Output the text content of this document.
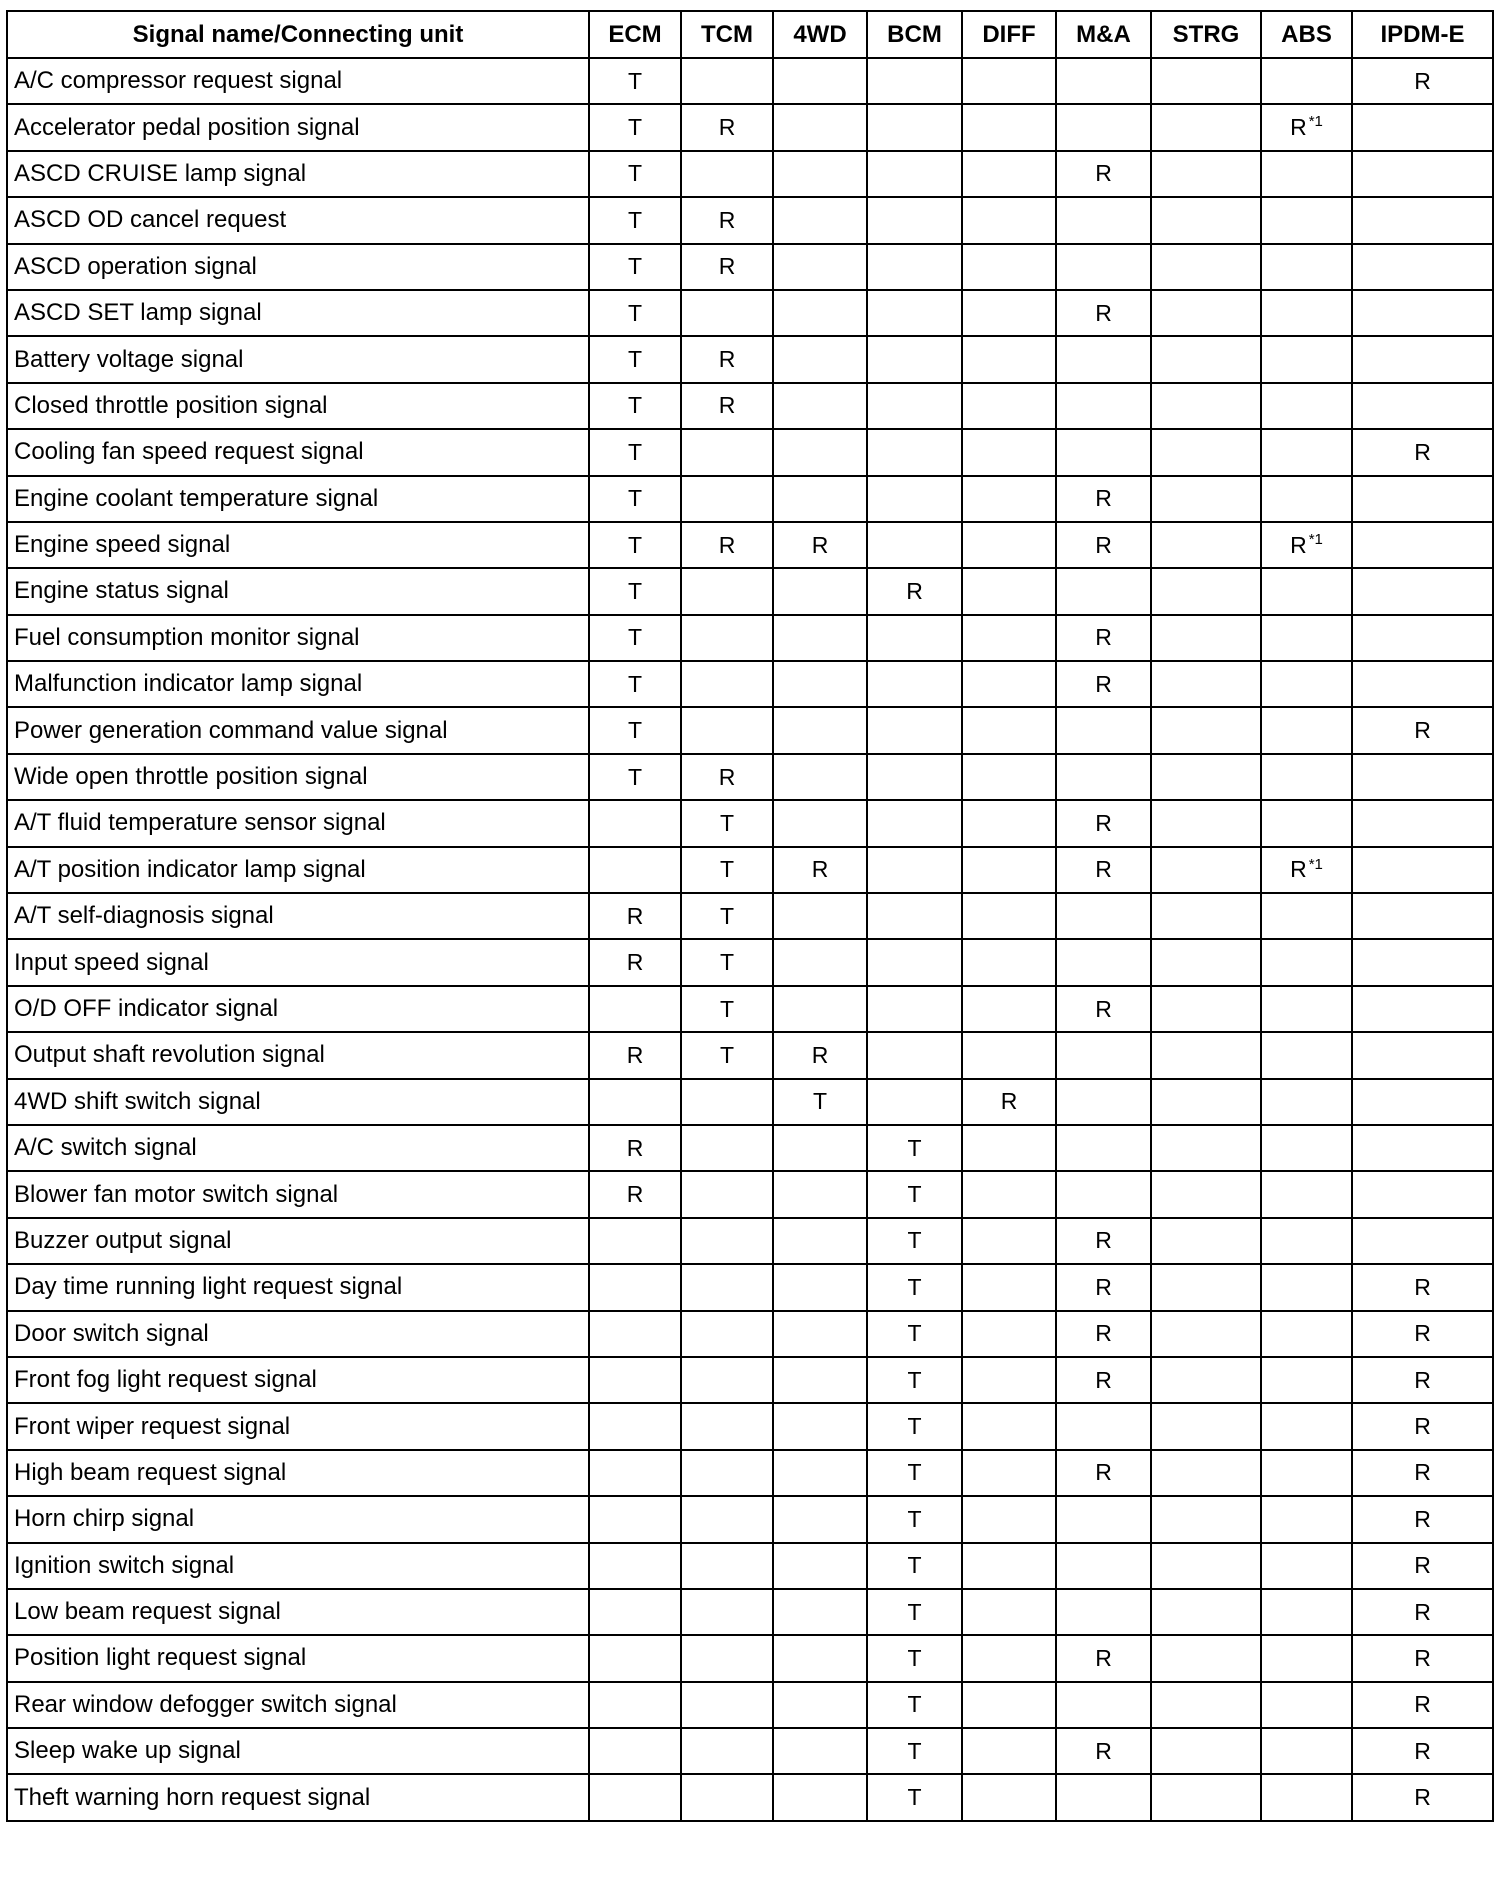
Signal name/Connecting unit	ECM	TCM	4WD	BCM	DIFF	M&A	STRG	ABS	IPDM-E
A/C compressor request signal	T								R
Accelerator pedal position signal	T	R						R $^{*1}$	
ASCD CRUISE lamp signal	T					R			
ASCD OD cancel request	T	R							
ASCD operation signal	T	R							
ASCD SET lamp signal	T					R			
Battery voltage signal	T	R							
Closed throttle position signal	T	R							
Cooling fan speed request signal	T								R
Engine coolant temperature signal	T					R			
Engine speed signal	T	R	R			R		R $^{*1}$	
Engine status signal	T			R					
Fuel consumption monitor signal	T					R			
Malfunction indicator lamp signal	T					R			
Power generation command value signal	T								R
Wide open throttle position signal	T	R							
A/T fluid temperature sensor signal		T				R			
A/T position indicator lamp signal		T	R			R		R $^{*1}$	
A/T self-diagnosis signal	R	T							
Input speed signal	R	T							
O/D OFF indicator signal		T				R			
Output shaft revolution signal	R	T	R						
4WD shift switch signal			T		R				
A/C switch signal	R			T					
Blower fan motor switch signal	R			T					
Buzzer output signal				T		R			
Day time running light request signal				T		R			R
Door switch signal				T		R			R
Front fog light request signal				T		R			R
Front wiper request signal				T					R
High beam request signal				T		R			R
Horn chirp signal				T					R
Ignition switch signal				T					R
Low beam request signal				T					R
Position light request signal				T		R			R
Rear window defogger switch signal				T					R
Sleep wake up signal				T		R			R
Theft warning horn request signal				T					R
